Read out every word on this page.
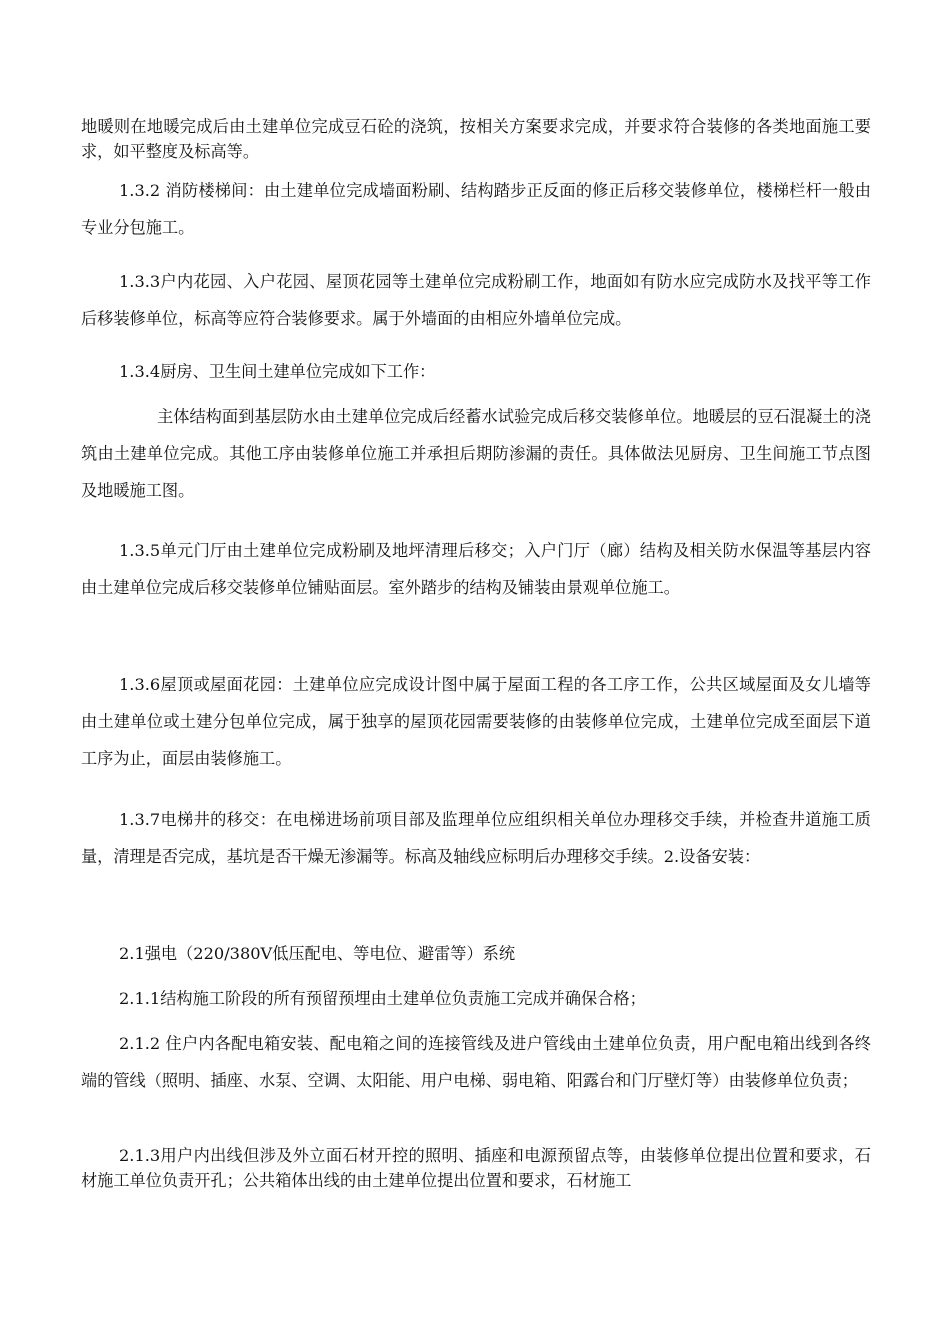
地暖则在地暖完成后由土建单位完成豆石砼的浇筑，按相关方案要求完成，并要求符合装修的各类地面施工要求，如平整度及标高等。

1.3.2 消防楼梯间：由土建单位完成墙面粉刷、结构踏步正反面的修正后移交装修单位，楼梯栏杆一般由专业分包施工。

1.3.3户内花园、入户花园、屋顶花园等土建单位完成粉刷工作，地面如有防水应完成防水及找平等工作后移装修单位，标高等应符合装修要求。属于外墙面的由相应外墙单位完成。

1.3.4厨房、卫生间土建单位完成如下工作：

主体结构面到基层防水由土建单位完成后经蓄水试验完成后移交装修单位。地暖层的豆石混凝土的浇筑由土建单位完成。其他工序由装修单位施工并承担后期防渗漏的责任。具体做法见厨房、卫生间施工节点图及地暖施工图。

1.3.5单元门厅由土建单位完成粉刷及地坪清理后移交；入户门厅（廊）结构及相关防水保温等基层内容由土建单位完成后移交装修单位铺贴面层。室外踏步的结构及铺装由景观单位施工。

1.3.6屋顶或屋面花园：土建单位应完成设计图中属于屋面工程的各工序工作，公共区域屋面及女儿墙等由土建单位或土建分包单位完成，属于独享的屋顶花园需要装修的由装修单位完成，土建单位完成至面层下道工序为止，面层由装修施工。

1.3.7电梯井的移交：在电梯进场前项目部及监理单位应组织相关单位办理移交手续，并检查井道施工质量，清理是否完成，基坑是否干燥无渗漏等。标高及轴线应标明后办理移交手续。2.设备安装：

2.1强电（220/380V低压配电、等电位、避雷等）系统

2.1.1结构施工阶段的所有预留预埋由土建单位负责施工完成并确保合格；

2.1.2 住户内各配电箱安装、配电箱之间的连接管线及进户管线由土建单位负责，用户配电箱出线到各终端的管线（照明、插座、水泵、空调、太阳能、用户电梯、弱电箱、阳露台和门厅壁灯等）由装修单位负责；

2.1.3用户内出线但涉及外立面石材开控的照明、插座和电源预留点等，由装修单位提出位置和要求，石材施工单位负责开孔；公共箱体出线的由土建单位提出位置和要求，石材施工
